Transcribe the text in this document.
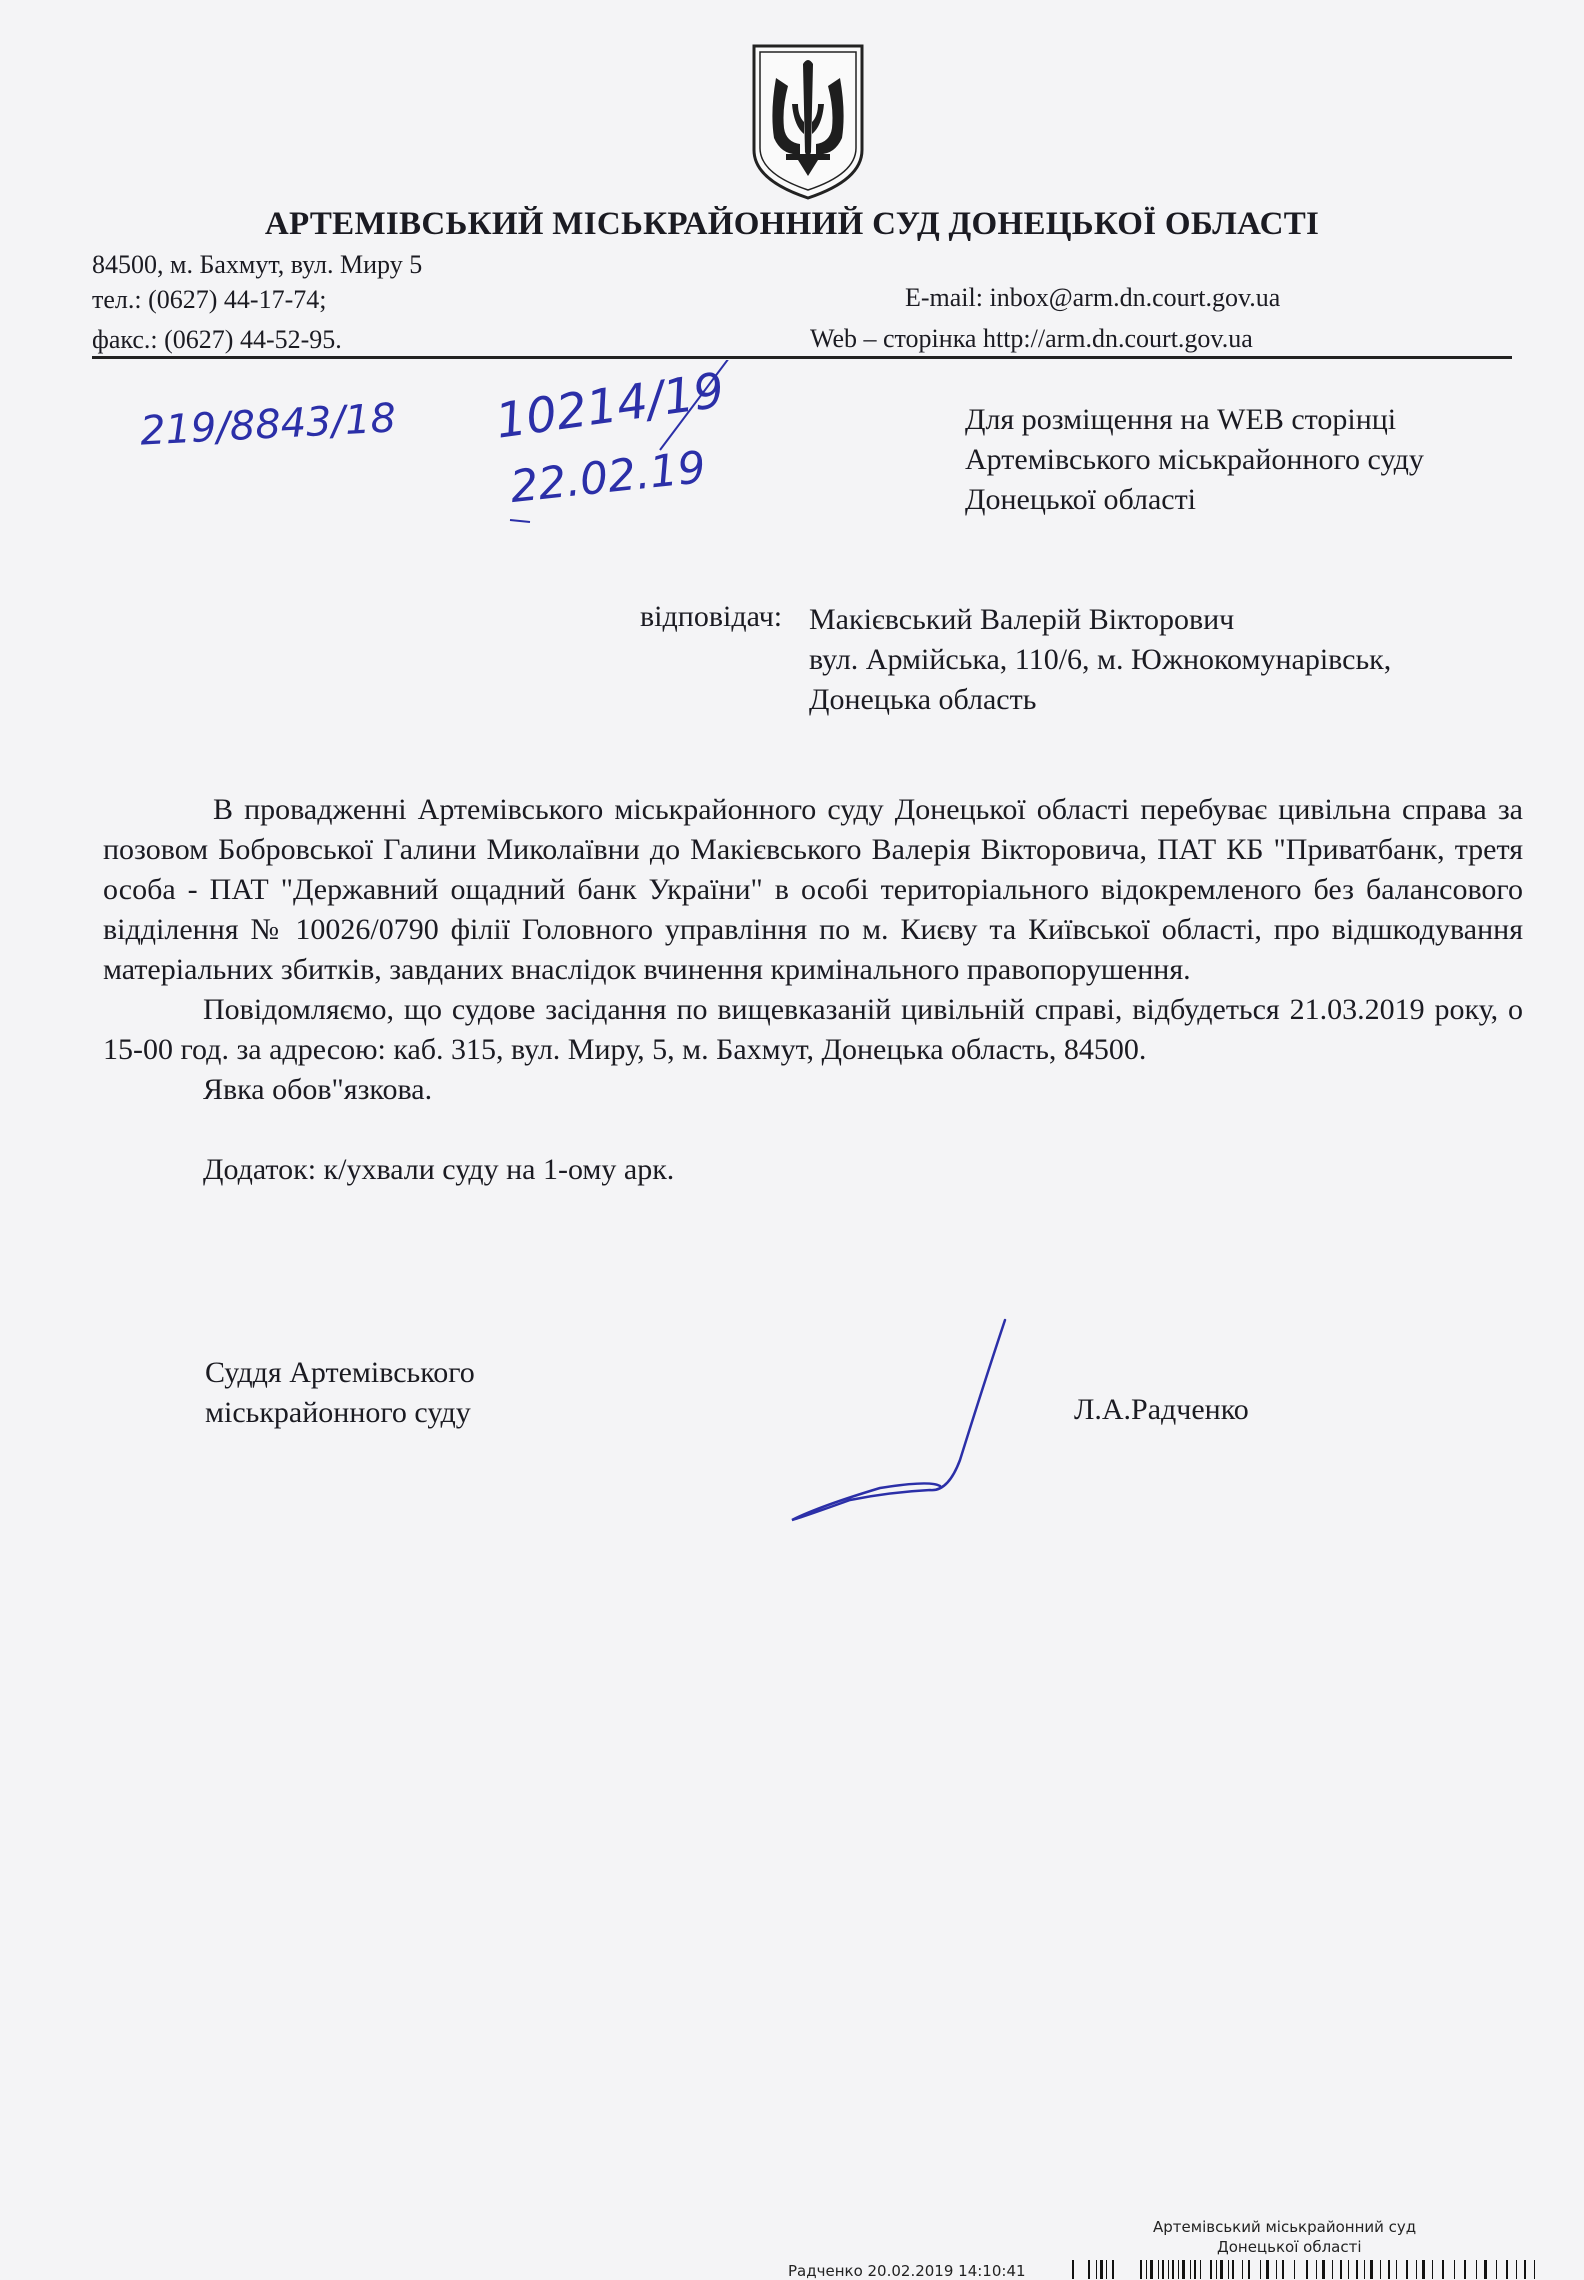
АРТЕМІВСЬКИЙ МІСЬКРАЙОННИЙ СУД ДОНЕЦЬКОЇ ОБЛАСТІ
84500, м. Бахмут, вул. Миру 5
тел.: (0627) 44-17-74;
факс.: (0627) 44-52-95.
E-mail: inbox@arm.dn.court.gov.ua
Web – сторінка http://arm.dn.court.gov.ua
219/8843/18 10214/19
22.02.19
Для розміщення на WEB сторінці
Артемівського міськрайонного суду
Донецької області
відповідач: Макієвський Валерій Вікторович
вул. Армійська, 110/6, м. Южнокомунарівськ,
Донецька область

В провадженні Артемівського міськрайонного суду Донецької області перебуває цивільна справа за позовом Бобровської Галини Миколаївни до Макієвського Валерія Вікторовича, ПАТ КБ "Приватбанк, третя особа - ПАТ "Державний ощадний банк України" в особі територіального відокремленого без балансового відділення № 10026/0790 філії Головного управління по м. Києву та Київської області, про відшкодування матеріальних збитків, завданих внаслідок вчинення кримінального правопорушення.

Повідомляємо, що судове засідання по вищевказаній цивільній справі, відбудеться 21.03.2019 року, о 15-00 год. за адресою: каб. 315, вул. Миру, 5, м. Бахмут, Донецька область, 84500.

Явка обов"язкова.

Додаток: к/ухвали суду на 1-ому арк.

Суддя Артемівського
міськрайонного суду	Л.А.Радченко
Артемівський міськрайонний суд
Донецької області
Радченко 20.02.2019 14:10:41
